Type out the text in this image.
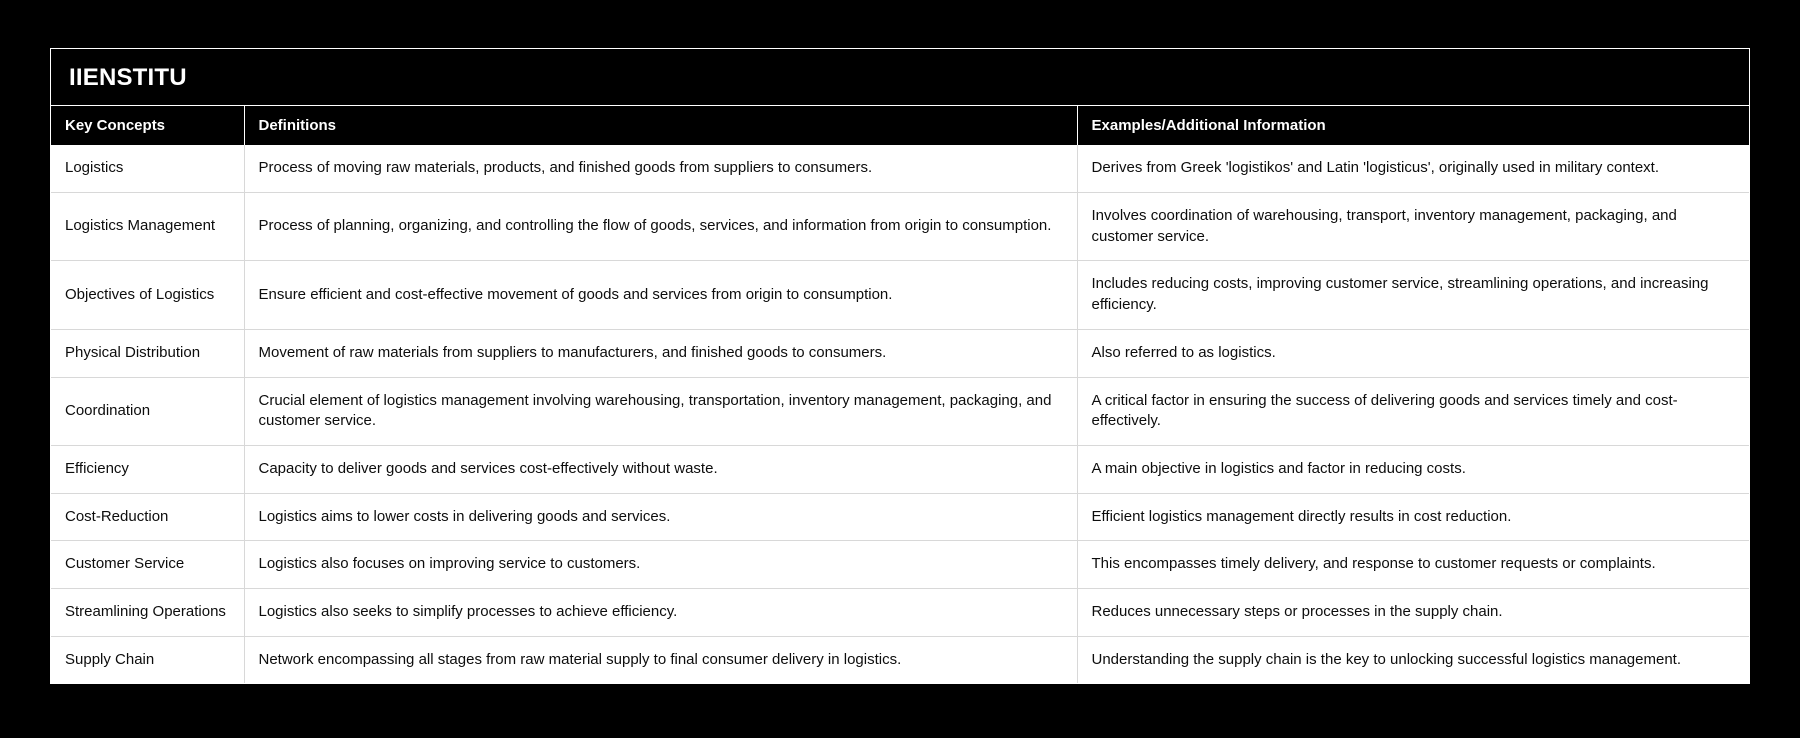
IIENSTITU
Key Concepts	Definitions	Examples/Additional Information
Logistics	Process of moving raw materials, products, and finished goods from suppliers to consumers.	Derives from Greek 'logistikos' and Latin 'logisticus', originally used in military context.
Logistics Management	Process of planning, organizing, and controlling the flow of goods, services, and information from origin to consumption.	Involves coordination of warehousing, transport, inventory management, packaging, and customer service.
Objectives of Logistics	Ensure efficient and cost-effective movement of goods and services from origin to consumption.	Includes reducing costs, improving customer service, streamlining operations, and increasing efficiency.
Physical Distribution	Movement of raw materials from suppliers to manufacturers, and finished goods to consumers.	Also referred to as logistics.
Coordination	Crucial element of logistics management involving warehousing, transportation, inventory management, packaging, and customer service.	A critical factor in ensuring the success of delivering goods and services timely and cost-effectively.
Efficiency	Capacity to deliver goods and services cost-effectively without waste.	A main objective in logistics and factor in reducing costs.
Cost-Reduction	Logistics aims to lower costs in delivering goods and services.	Efficient logistics management directly results in cost reduction.
Customer Service	Logistics also focuses on improving service to customers.	This encompasses timely delivery, and response to customer requests or complaints.
Streamlining Operations	Logistics also seeks to simplify processes to achieve efficiency.	Reduces unnecessary steps or processes in the supply chain.
Supply Chain	Network encompassing all stages from raw material supply to final consumer delivery in logistics.	Understanding the supply chain is the key to unlocking successful logistics management.
